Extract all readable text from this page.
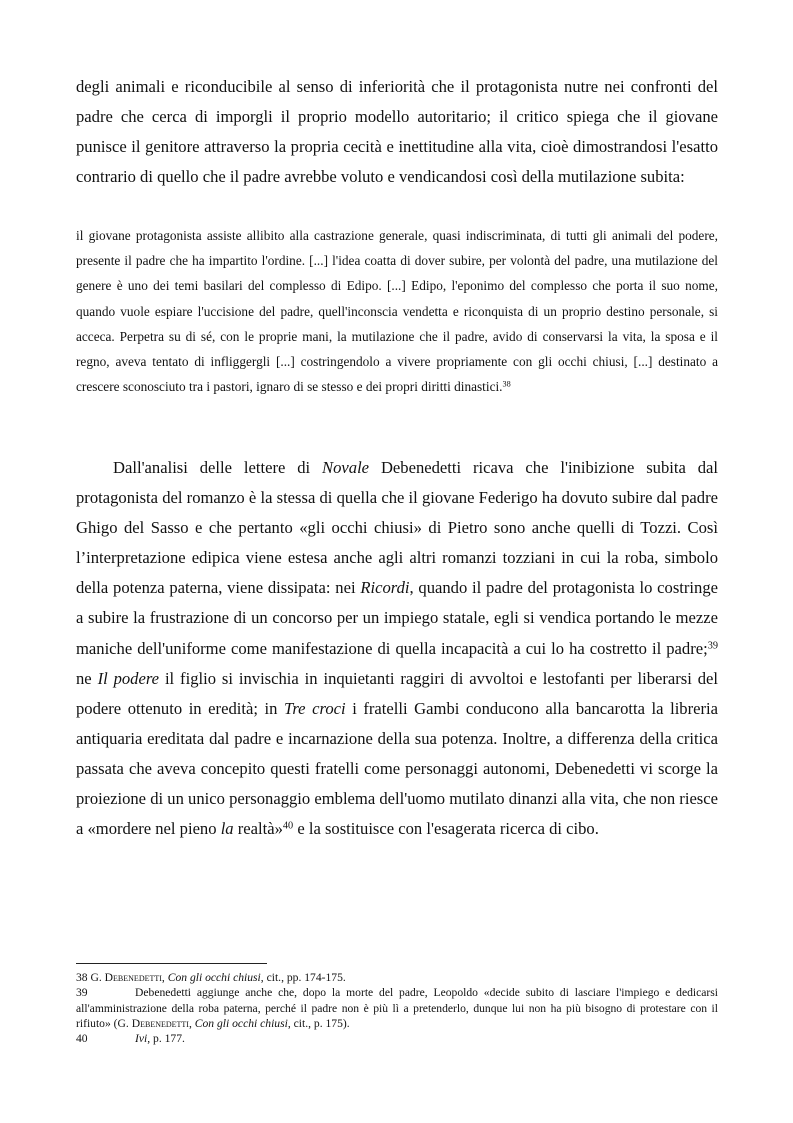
degli animali e riconducibile al senso di inferiorità che il protagonista nutre nei confronti del padre che cerca di imporgli il proprio modello autoritario; il critico spiega che il giovane punisce il genitore attraverso la propria cecità e inettitudine alla vita, cioè dimostrandosi l'esatto contrario di quello che il padre avrebbe voluto e vendicandosi così della mutilazione subita:

il giovane protagonista assiste allibito alla castrazione generale, quasi indiscriminata, di tutti gli animali del podere, presente il padre che ha impartito l'ordine. [...] l'idea coatta di dover subire, per volontà del padre, una mutilazione del genere è uno dei temi basilari del complesso di Edipo. [...] Edipo, l'eponimo del complesso che porta il suo nome, quando vuole espiare l'uccisione del padre, quell'inconscia vendetta e riconquista di un proprio destino personale, si acceca. Perpetra su di sé, con le proprie mani, la mutilazione che il padre, avido di conservarsi la vita, la sposa e il regno, aveva tentato di infliggergli [...] costringendolo a vivere propriamente con gli occhi chiusi, [...] destinato a crescere sconosciuto tra i pastori, ignaro di se stesso e dei propri diritti dinastici.$^{38}$

Dall'analisi delle lettere di Novale Debenedetti ricava che l'inibizione subita dal protagonista del romanzo è la stessa di quella che il giovane Federigo ha dovuto subire dal padre Ghigo del Sasso e che pertanto «gli occhi chiusi» di Pietro sono anche quelli di Tozzi. Così l’interpretazione edipica viene estesa anche agli altri romanzi tozziani in cui la roba, simbolo della potenza paterna, viene dissipata: nei Ricordi, quando il padre del protagonista lo costringe a subire la frustrazione di un concorso per un impiego statale, egli si vendica portando le mezze maniche dell'uniforme come manifestazione di quella incapacità a cui lo ha costretto il padre;$^{39}$ ne Il podere il figlio si invischia in inquietanti raggiri di avvoltoi e lestofanti per liberarsi del podere ottenuto in eredità; in Tre croci i fratelli Gambi conducono alla bancarotta la libreria antiquaria ereditata dal padre e incarnazione della sua potenza. Inoltre, a differenza della critica passata che aveva concepito questi fratelli come personaggi autonomi, Debenedetti vi scorge la proiezione di un unico personaggio emblema dell'uomo mutilato dinanzi alla vita, che non riesce a «mordere nel pieno la realtà»$^{40}$ e la sostituisce con l'esagerata ricerca di cibo.

38 G. Debenedetti, Con gli occhi chiusi, cit., pp. 174-175.

39	Debenedetti aggiunge anche che, dopo la morte del padre, Leopoldo «decide subito di lasciare l'impiego e dedicarsi all'amministrazione della roba paterna, perché il padre non è più lì a pretenderlo, dunque lui non ha più bisogno di protestare con il rifiuto» (G. Debenedetti, Con gli occhi chiusi, cit., p. 175).

40	Ivi, p. 177.
